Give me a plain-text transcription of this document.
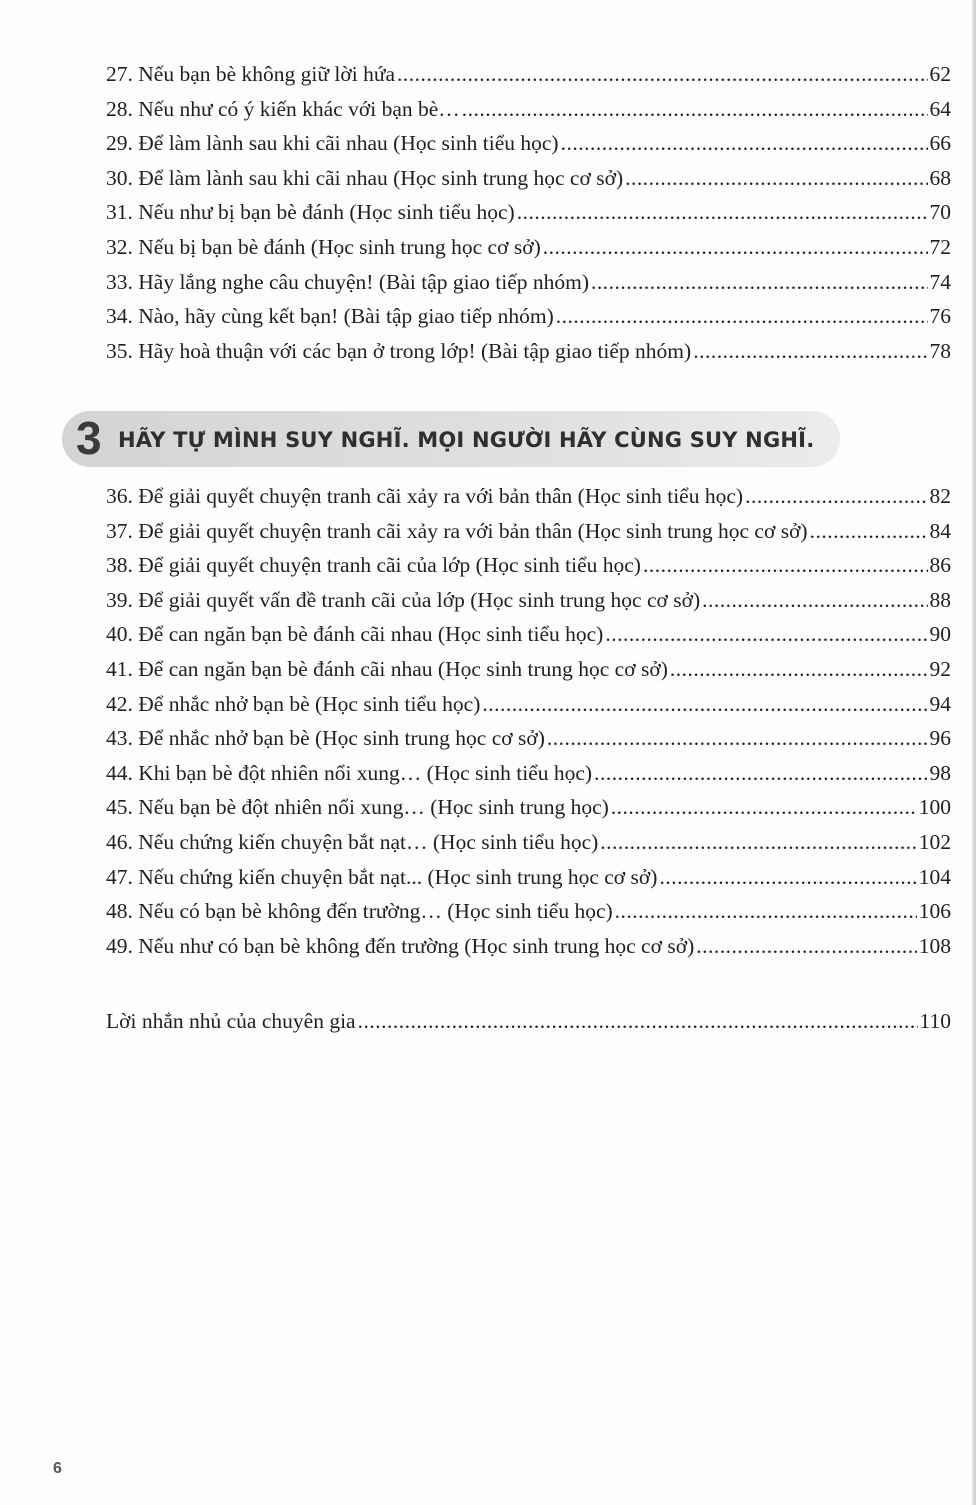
27. Nếu bạn bè không giữ lời hứa .....	62
28. Nếu như có ý kiến khác với bạn bè… .....	64
29. Để làm lành sau khi cãi nhau (Học sinh tiểu học) .....	66
30. Để làm lành sau khi cãi nhau (Học sinh trung học cơ sở) .....	68
31. Nếu như bị bạn bè đánh (Học sinh tiểu học) .....	70
32. Nếu bị bạn bè đánh (Học sinh trung học cơ sở) .....	72
33. Hãy lắng nghe câu chuyện! (Bài tập giao tiếp nhóm) .....	74
34. Nào, hãy cùng kết bạn! (Bài tập giao tiếp nhóm) .....	76
35. Hãy hoà thuận với các bạn ở trong lớp! (Bài tập giao tiếp nhóm) .....	78
3 HÃY TỰ MÌNH SUY NGHĨ. MỌI NGƯỜI HÃY CÙNG SUY NGHĨ.
36. Để giải quyết chuyện tranh cãi xảy ra với bản thân (Học sinh tiểu học) .....	82
37. Để giải quyết chuyện tranh cãi xảy ra với bản thân (Học sinh trung học cơ sở) .....	84
38. Để giải quyết chuyện tranh cãi của lớp (Học sinh tiểu học) .....	86
39. Để giải quyết vấn đề tranh cãi của lớp (Học sinh trung học cơ sở) .....	88
40. Để can ngăn bạn bè đánh cãi nhau (Học sinh tiểu học) .....	90
41. Để can ngăn bạn bè đánh cãi nhau (Học sinh trung học cơ sở) .....	92
42. Để nhắc nhở bạn bè (Học sinh tiểu học) .....	94
43. Để nhắc nhở bạn bè (Học sinh trung học cơ sở) .....	96
44. Khi bạn bè đột nhiên nổi xung… (Học sinh tiểu học) .....	98
45. Nếu bạn bè đột nhiên nổi xung… (Học sinh trung học) .....	100
46. Nếu chứng kiến chuyện bắt nạt… (Học sinh tiểu học) .....	102
47. Nếu chứng kiến chuyện bắt nạt... (Học sinh trung học cơ sở) .....	104
48. Nếu có bạn bè không đến trường… (Học sinh tiểu học) .....	106
49. Nếu như có bạn bè không đến trường (Học sinh trung học cơ sở) .....	108
Lời nhắn nhủ của chuyên gia .....	110
6
